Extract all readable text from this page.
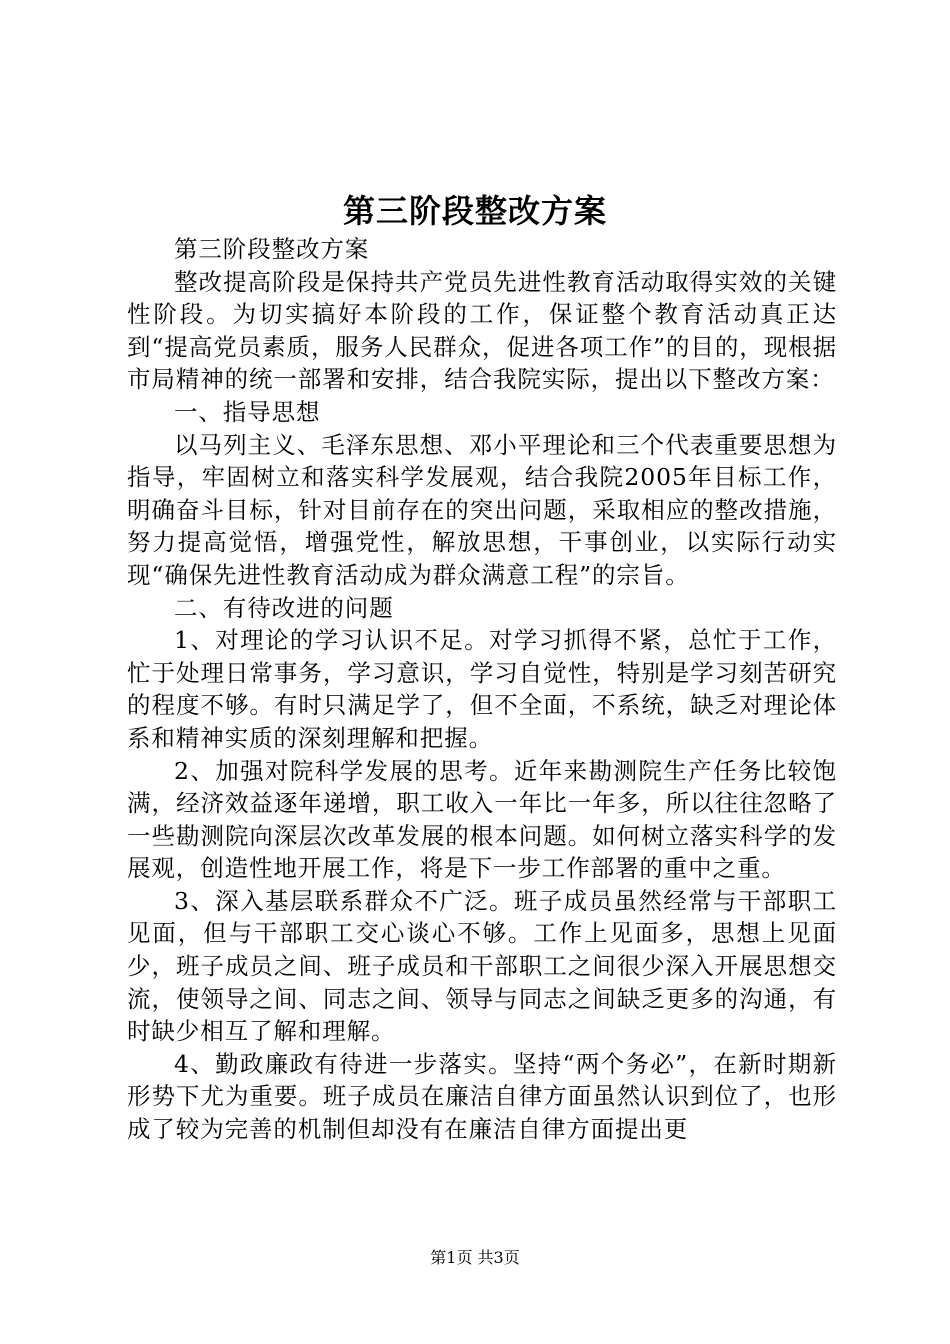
第三阶段整改方案

第三阶段整改方案

整改提高阶段是保持共产党员先进性教育活动取得实效的关键性阶段。为切实搞好本阶段的工作，保证整个教育活动真正达到“提高党员素质，服务人民群众，促进各项工作”的目的，现根据市局精神的统一部署和安排，结合我院实际，提出以下整改方案：

一、指导思想

以马列主义、毛泽东思想、邓小平理论和三个代表重要思想为指导，牢固树立和落实科学发展观，结合我院2005年目标工作，明确奋斗目标，针对目前存在的突出问题，采取相应的整改措施，努力提高觉悟，增强党性，解放思想，干事创业，以实际行动实现“确保先进性教育活动成为群众满意工程”的宗旨。

二、有待改进的问题

1、对理论的学习认识不足。对学习抓得不紧，总忙于工作，忙于处理日常事务，学习意识，学习自觉性，特别是学习刻苦研究的程度不够。有时只满足学了，但不全面，不系统，缺乏对理论体系和精神实质的深刻理解和把握。

2、加强对院科学发展的思考。近年来勘测院生产任务比较饱满，经济效益逐年递增，职工收入一年比一年多，所以往往忽略了一些勘测院向深层次改革发展的根本问题。如何树立落实科学的发展观，创造性地开展工作，将是下一步工作部署的重中之重。

3、深入基层联系群众不广泛。班子成员虽然经常与干部职工见面，但与干部职工交心谈心不够。工作上见面多，思想上见面少，班子成员之间、班子成员和干部职工之间很少深入开展思想交流，使领导之间、同志之间、领导与同志之间缺乏更多的沟通，有时缺少相互了解和理解。

4、勤政廉政有待进一步落实。坚持“两个务必”，在新时期新形势下尤为重要。班子成员在廉洁自律方面虽然认识到位了，也形成了较为完善的机制但却没有在廉洁自律方面提出更

第1页 共3页
